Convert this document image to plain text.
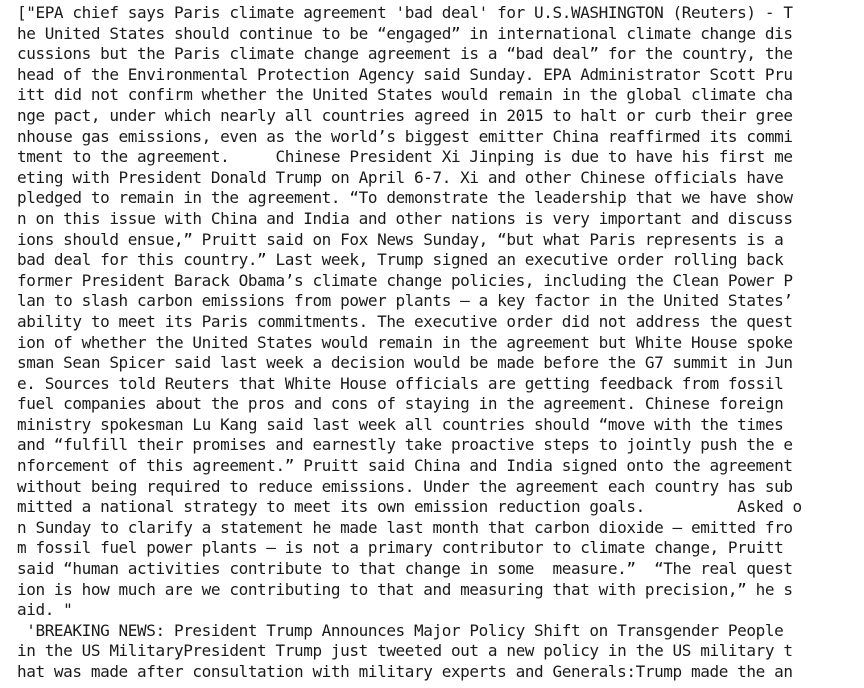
["EPA chief says Paris climate agreement 'bad deal' for U.S.WASHINGTON (Reuters) - T
he United States should continue to be “engaged” in international climate change dis
cussions but the Paris climate change agreement is a “bad deal” for the country, the
head of the Environmental Protection Agency said Sunday. EPA Administrator Scott Pru
itt did not confirm whether the United States would remain in the global climate cha
nge pact, under which nearly all countries agreed in 2015 to halt or curb their gree
nhouse gas emissions, even as the world’s biggest emitter China reaffirmed its commi
tment to the agreement.     Chinese President Xi Jinping is due to have his first me
eting with President Donald Trump on April 6-7. Xi and other Chinese officials have
pledged to remain in the agreement. “To demonstrate the leadership that we have show
n on this issue with China and India and other nations is very important and discuss
ions should ensue,” Pruitt said on Fox News Sunday, “but what Paris represents is a
bad deal for this country.” Last week, Trump signed an executive order rolling back
former President Barack Obama’s climate change policies, including the Clean Power P
lan to slash carbon emissions from power plants – a key factor in the United States’
ability to meet its Paris commitments. The executive order did not address the quest
ion of whether the United States would remain in the agreement but White House spoke
sman Sean Spicer said last week a decision would be made before the G7 summit in Jun
e. Sources told Reuters that White House officials are getting feedback from fossil
fuel companies about the pros and cons of staying in the agreement. Chinese foreign
ministry spokesman Lu Kang said last week all countries should “move with the times
and “fulfill their promises and earnestly take proactive steps to jointly push the e
nforcement of this agreement.” Pruitt said China and India signed onto the agreement
without being required to reduce emissions. Under the agreement each country has sub
mitted a national strategy to meet its own emission reduction goals.          Asked o
n Sunday to clarify a statement he made last month that carbon dioxide – emitted fro
m fossil fuel power plants – is not a primary contributor to climate change, Pruitt
said “human activities contribute to that change in some  measure.”  “The real quest
ion is how much are we contributing to that and measuring that with precision,” he s
aid. "
'BREAKING NEWS: President Trump Announces Major Policy Shift on Transgender People
in the US MilitaryPresident Trump just tweeted out a new policy in the US military t
hat was made after consultation with military experts and Generals:Trump made the an
